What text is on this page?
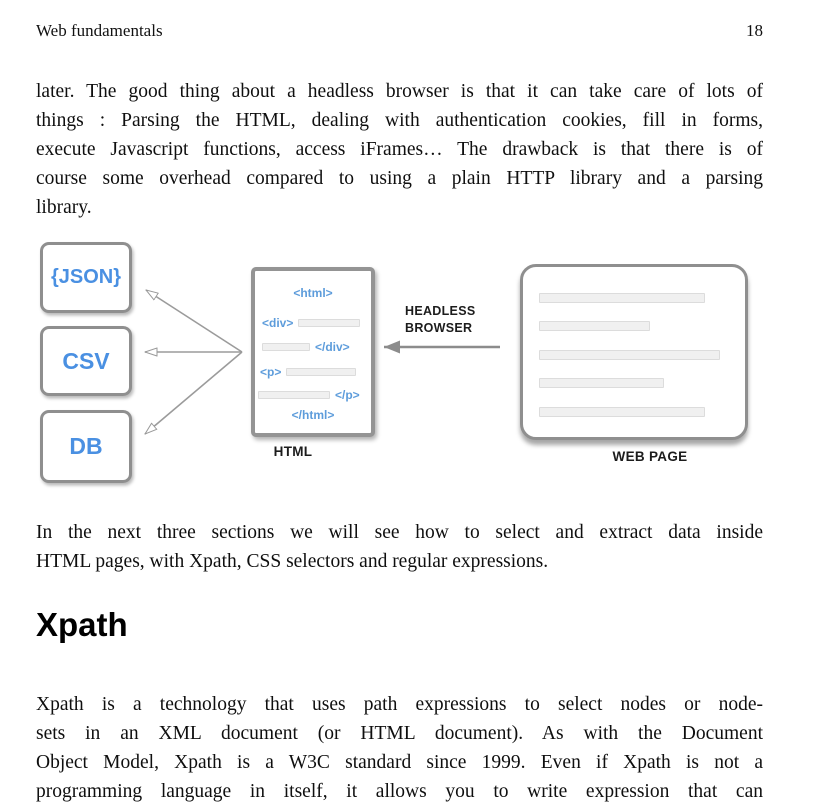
Web fundamentals	18
later. The good thing about a headless browser is that it can take care of lots of
things : Parsing the HTML, dealing with authentication cookies, fill in forms,
execute Javascript functions, access iFrames… The drawback is that there is of
course some overhead compared to using a plain HTTP library and a parsing
library.
{JSON}
CSV
DB
<html>
<div>
</div>
<p>
</p>
</html>
HTML
HEADLESS
BROWSER
WEB PAGE
In the next three sections we will see how to select and extract data inside
HTML pages, with Xpath, CSS selectors and regular expressions.
Xpath
Xpath is a technology that uses path expressions to select nodes or node-
sets in an XML document (or HTML document). As with the Document
Object Model, Xpath is a W3C standard since 1999. Even if Xpath is not a
programming language in itself, it allows you to write expression that can
